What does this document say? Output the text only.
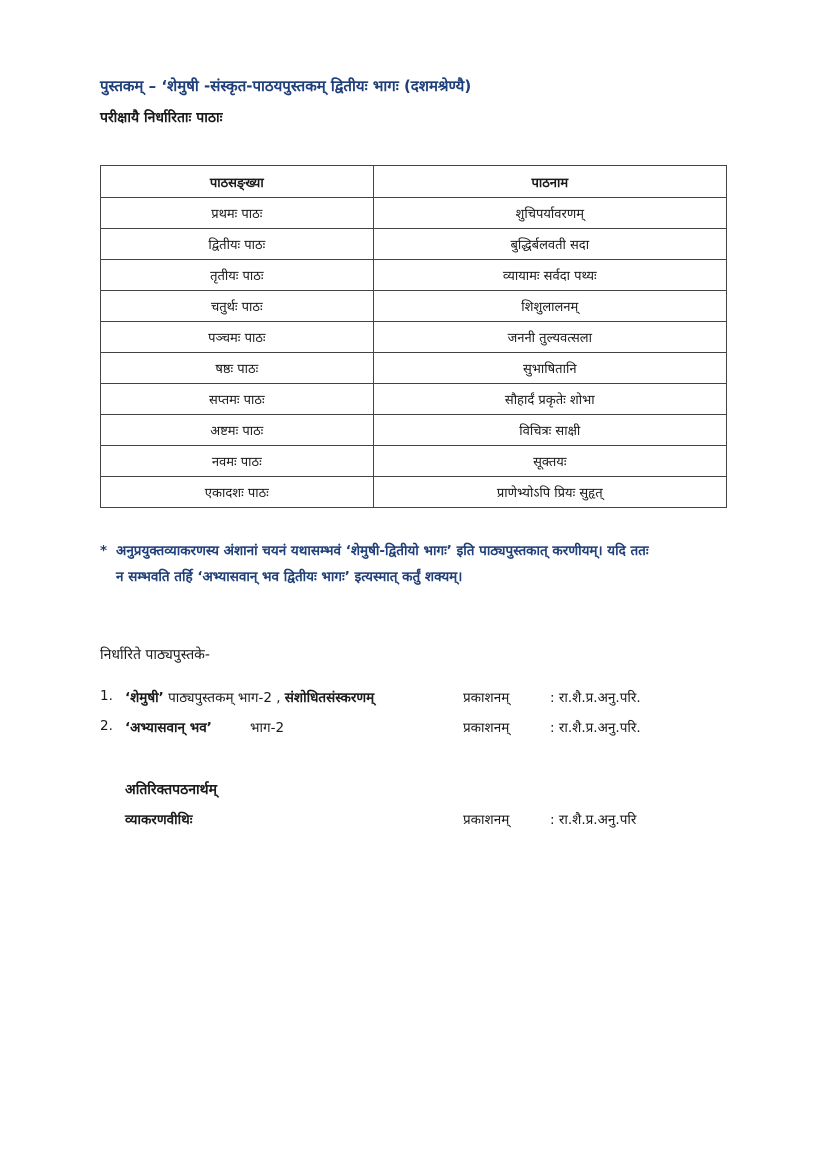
पुस्तकम् – ‘शेमुषी -संस्कृत-पाठयपुस्तकम् द्वितीयः भागः (दशमश्रेण्यै)
परीक्षायै निर्धारिताः पाठाः
पाठसङ्ख्या	पाठनाम
प्रथमः पाठः	शुचिपर्यावरणम्
द्वितीयः पाठः	बुद्धिर्बलवती सदा
तृतीयः पाठः	व्यायामः सर्वदा पथ्यः
चतुर्थः पाठः	शिशुलालनम्
पञ्चमः पाठः	जननी तुल्यवत्सला
षष्ठः पाठः	सुभाषितानि
सप्तमः पाठः	सौहार्दं प्रकृतेः शोभा
अष्टमः पाठः	विचित्रः साक्षी
नवमः पाठः	सूक्तयः
एकादशः पाठः	प्राणेभ्योऽपि प्रियः सुहृत्
* अनुप्रयुक्तव्याकरणस्य अंशानां चयनं यथासम्भवं ‘शेमुषी-द्वितीयो भागः’ इति पाठ्यपुस्तकात् करणीयम्। यदि ततः
न सम्भवति तर्हि ‘अभ्यासवान् भव द्वितीयः भागः’ इत्यस्मात् कर्तुं शक्यम्।
निर्धारिते पाठ्यपुस्तके-
1. ‘शेमुषी’ पाठ्यपुस्तकम् भाग-2 , संशोधितसंस्करणम्	प्रकाशनम्	: रा.शै.प्र.अनु.परि.
2. ‘अभ्यासवान् भव’	भाग-2	प्रकाशनम्	: रा.शै.प्र.अनु.परि.
अतिरिक्तपठनार्थम्
व्याकरणवीथिः	प्रकाशनम्	: रा.शै.प्र.अनु.परि
